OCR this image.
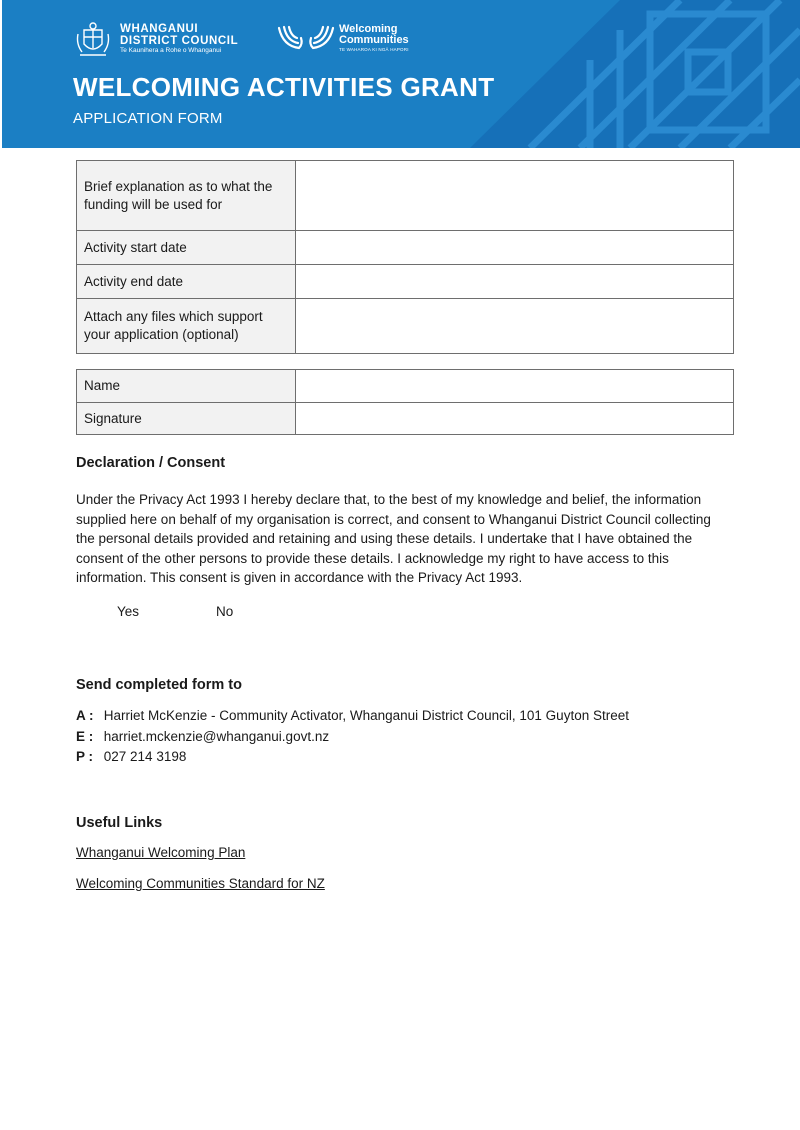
WHANGANUI
DISTRICT COUNCIL
Te Kaunihera a Rohe o Whanganui
Welcoming
Communities
TE WAHAROA KI NGĀ HAPORI
WELCOMING ACTIVITIES GRANT
APPLICATION FORM
Brief explanation as to what the funding will be used for	
Activity start date	
Activity end date	
Attach any files which support your application (optional)	
Name	
Signature	
Declaration / Consent
Under the Privacy Act 1993 I hereby declare that, to the best of my knowledge and belief, the information supplied here on behalf of my organisation is correct, and consent to Whanganui District Council collecting the personal details provided and retaining and using these details. I undertake that I have obtained the consent of the other persons to provide these details. I acknowledge my right to have access to this information. This consent is given in accordance with the Privacy Act 1993.
Yes	No
Send completed form to
A : Harriet McKenzie - Community Activator, Whanganui District Council, 101 Guyton Street
E : harriet.mckenzie@whanganui.govt.nz
P : 027 214 3198
Useful Links
Whanganui Welcoming Plan
Welcoming Communities Standard for NZ
